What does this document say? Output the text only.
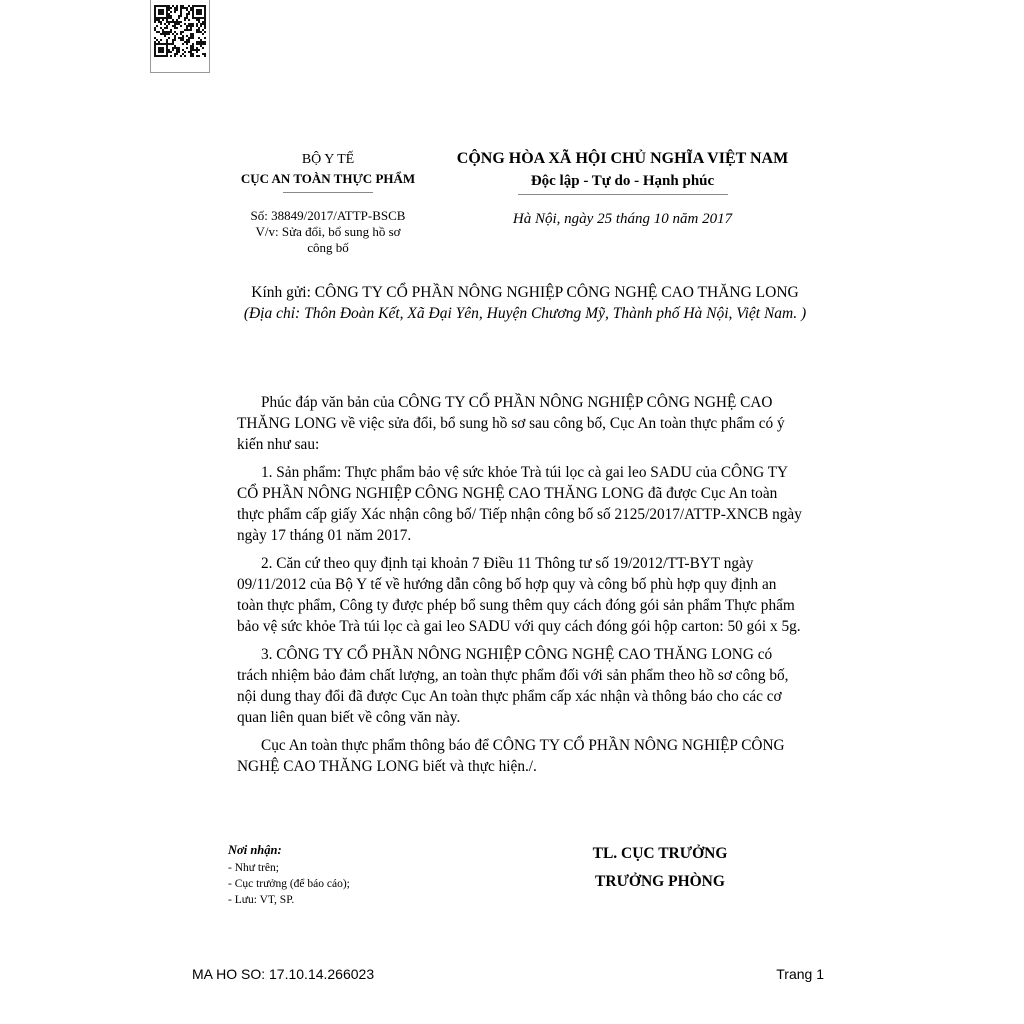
BỘ Y TẾ
CỤC AN TOÀN THỰC PHẨM
CỘNG HÒA XÃ HỘI CHỦ NGHĨA VIỆT NAM
Độc lập - Tự do - Hạnh phúc
Số: 38849/2017/ATTP-BSCB
V/v: Sửa đổi, bổ sung hồ sơ
công bố
Hà Nội, ngày 25 tháng 10 năm 2017
Kính gửi: CÔNG TY CỔ PHẦN NÔNG NGHIỆP CÔNG NGHỆ CAO THĂNG LONG
(Địa chỉ: Thôn Đoàn Kết, Xã Đại Yên, Huyện Chương Mỹ, Thành phố Hà Nội, Việt Nam. )

Phúc đáp văn bản của CÔNG TY CỔ PHẦN NÔNG NGHIỆP CÔNG NGHỆ CAO THĂNG LONG về việc sửa đổi, bổ sung hồ sơ sau công bố, Cục An toàn thực phẩm có ý kiến như sau:

1. Sản phẩm: Thực phẩm bảo vệ sức khỏe Trà túi lọc cà gai leo SADU của CÔNG TY CỔ PHẦN NÔNG NGHIỆP CÔNG NGHỆ CAO THĂNG LONG đã được Cục An toàn thực phẩm cấp giấy Xác nhận công bố/ Tiếp nhận công bố số 2125/2017/ATTP-XNCB ngày ngày 17 tháng 01 năm 2017.

2. Căn cứ theo quy định tại khoản 7 Điều 11 Thông tư số 19/2012/TT-BYT ngày 09/11/2012 của Bộ Y tế về hướng dẫn công bố hợp quy và công bố phù hợp quy định an toàn thực phẩm, Công ty được phép bổ sung thêm quy cách đóng gói sản phẩm Thực phẩm bảo vệ sức khỏe Trà túi lọc cà gai leo SADU với quy cách đóng gói hộp carton: 50 gói x 5g.

3. CÔNG TY CỔ PHẦN NÔNG NGHIỆP CÔNG NGHỆ CAO THĂNG LONG có trách nhiệm bảo đảm chất lượng, an toàn thực phẩm đối với sản phẩm theo hồ sơ công bố, nội dung thay đổi đã được Cục An toàn thực phẩm cấp xác nhận và thông báo cho các cơ quan liên quan biết về công văn này.

Cục An toàn thực phẩm thông báo để CÔNG TY CỔ PHẦN NÔNG NGHIỆP CÔNG NGHỆ CAO THĂNG LONG biết và thực hiện./.

Nơi nhận:
- Như trên;
- Cục trưởng (để báo cáo);
- Lưu: VT, SP.
TL. CỤC TRƯỞNG
TRƯỞNG PHÒNG
MA HO SO: 17.10.14.266023	Trang 1
